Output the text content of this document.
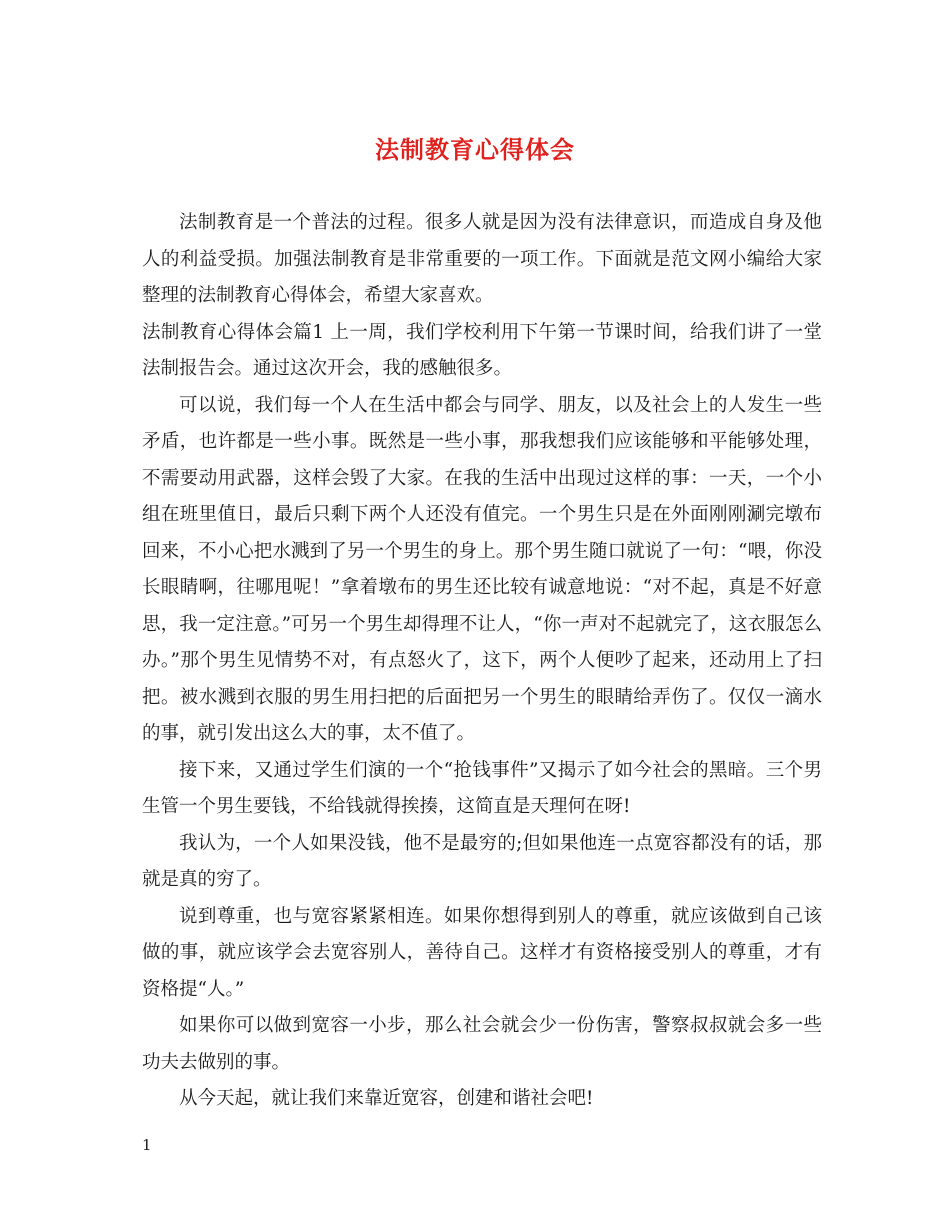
法制教育心得体会

法制教育是一个普法的过程。很多人就是因为没有法律意识，而造成自身及他人的利益受损。加强法制教育是非常重要的一项工作。下面就是范文网小编给大家整理的法制教育心得体会，希望大家喜欢。

法制教育心得体会篇1 上一周，我们学校利用下午第一节课时间，给我们讲了一堂法制报告会。通过这次开会，我的感触很多。

可以说，我们每一个人在生活中都会与同学、朋友，以及社会上的人发生一些矛盾，也许都是一些小事。既然是一些小事，那我想我们应该能够和平能够处理，不需要动用武器，这样会毁了大家。在我的生活中出现过这样的事：一天，一个小组在班里值日，最后只剩下两个人还没有值完。一个男生只是在外面刚刚涮完墩布回来，不小心把水溅到了另一个男生的身上。那个男生随口就说了一句：“喂，你没长眼睛啊，往哪甩呢！”拿着墩布的男生还比较有诚意地说：“对不起，真是不好意思，我一定注意。”可另一个男生却得理不让人，“你一声对不起就完了，这衣服怎么办。”那个男生见情势不对，有点怒火了，这下，两个人便吵了起来，还动用上了扫把。被水溅到衣服的男生用扫把的后面把另一个男生的眼睛给弄伤了。仅仅一滴水的事，就引发出这么大的事，太不值了。

接下来，又通过学生们演的一个“抢钱事件”又揭示了如今社会的黑暗。三个男生管一个男生要钱，不给钱就得挨揍，这简直是天理何在呀!

我认为，一个人如果没钱，他不是最穷的;但如果他连一点宽容都没有的话，那就是真的穷了。

说到尊重，也与宽容紧紧相连。如果你想得到别人的尊重，就应该做到自己该做的事，就应该学会去宽容别人，善待自己。这样才有资格接受别人的尊重，才有资格提“人。”

如果你可以做到宽容一小步，那么社会就会少一份伤害，警察叔叔就会多一些功夫去做别的事。

从今天起，就让我们来靠近宽容，创建和谐社会吧!

1
